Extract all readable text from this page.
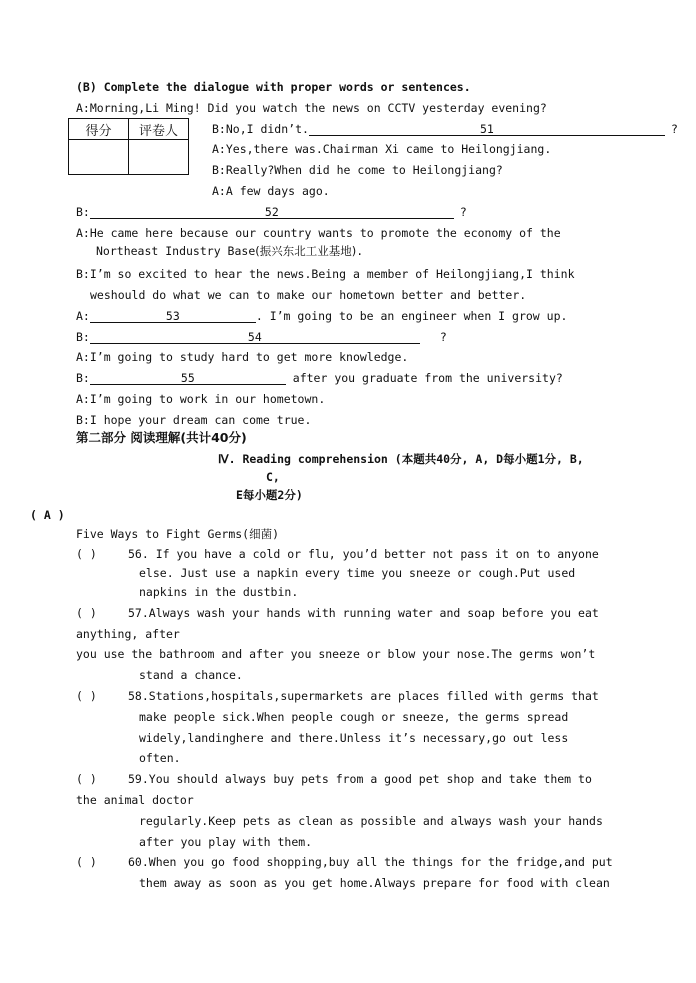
(B) Complete the dialogue with proper words or sentences.
A:Morning,Li Ming! Did you watch the news on CCTV yesterday evening?
得分	评卷人
		B:No,I didn’t.	51	?
A:Yes,there was.Chairman Xi came to Heilongjiang.
B:Really?When did he come to Heilongjiang?
A:A few days ago.
B:	52	?
A:He came here because our country wants to promote the economy of the
Northeast Industry Base(振兴东北工业基地).
B:I’m so excited to hear the news.Being a member of Heilongjiang,I think
weshould do what we can to make our hometown better and better.
A:	53	. I’m going to be an engineer when I grow up.
B:	54	?
A:I’m going to study hard to get more knowledge.
B:	55	after you graduate from the university?
A:I’m going to work in our hometown.
B:I hope your dream can come true.
第二部分 阅读理解(共计40分)
Ⅳ. Reading comprehension (本题共40分, A, D每小题1分, B,
C,
E每小题2分)
( A )
Five Ways to Fight Germs(细菌)
( )	56. If you have a cold or flu, you’d better not pass it on to anyone
else. Just use a napkin every time you sneeze or cough.Put used
napkins in the dustbin.
( )	57.Always wash your hands with running water and soap before you eat
anything, after
you use the bathroom and after you sneeze or blow your nose.The germs won’t
stand a chance.
( )	58.Stations,hospitals,supermarkets are places filled with germs that
make people sick.When people cough or sneeze, the germs spread
widely,landinghere and there.Unless it’s necessary,go out less
often.
( )	59.You should always buy pets from a good pet shop and take them to
the animal doctor
regularly.Keep pets as clean as possible and always wash your hands
after you play with them.
( )	60.When you go food shopping,buy all the things for the fridge,and put
them away as soon as you get home.Always prepare for food with clean
